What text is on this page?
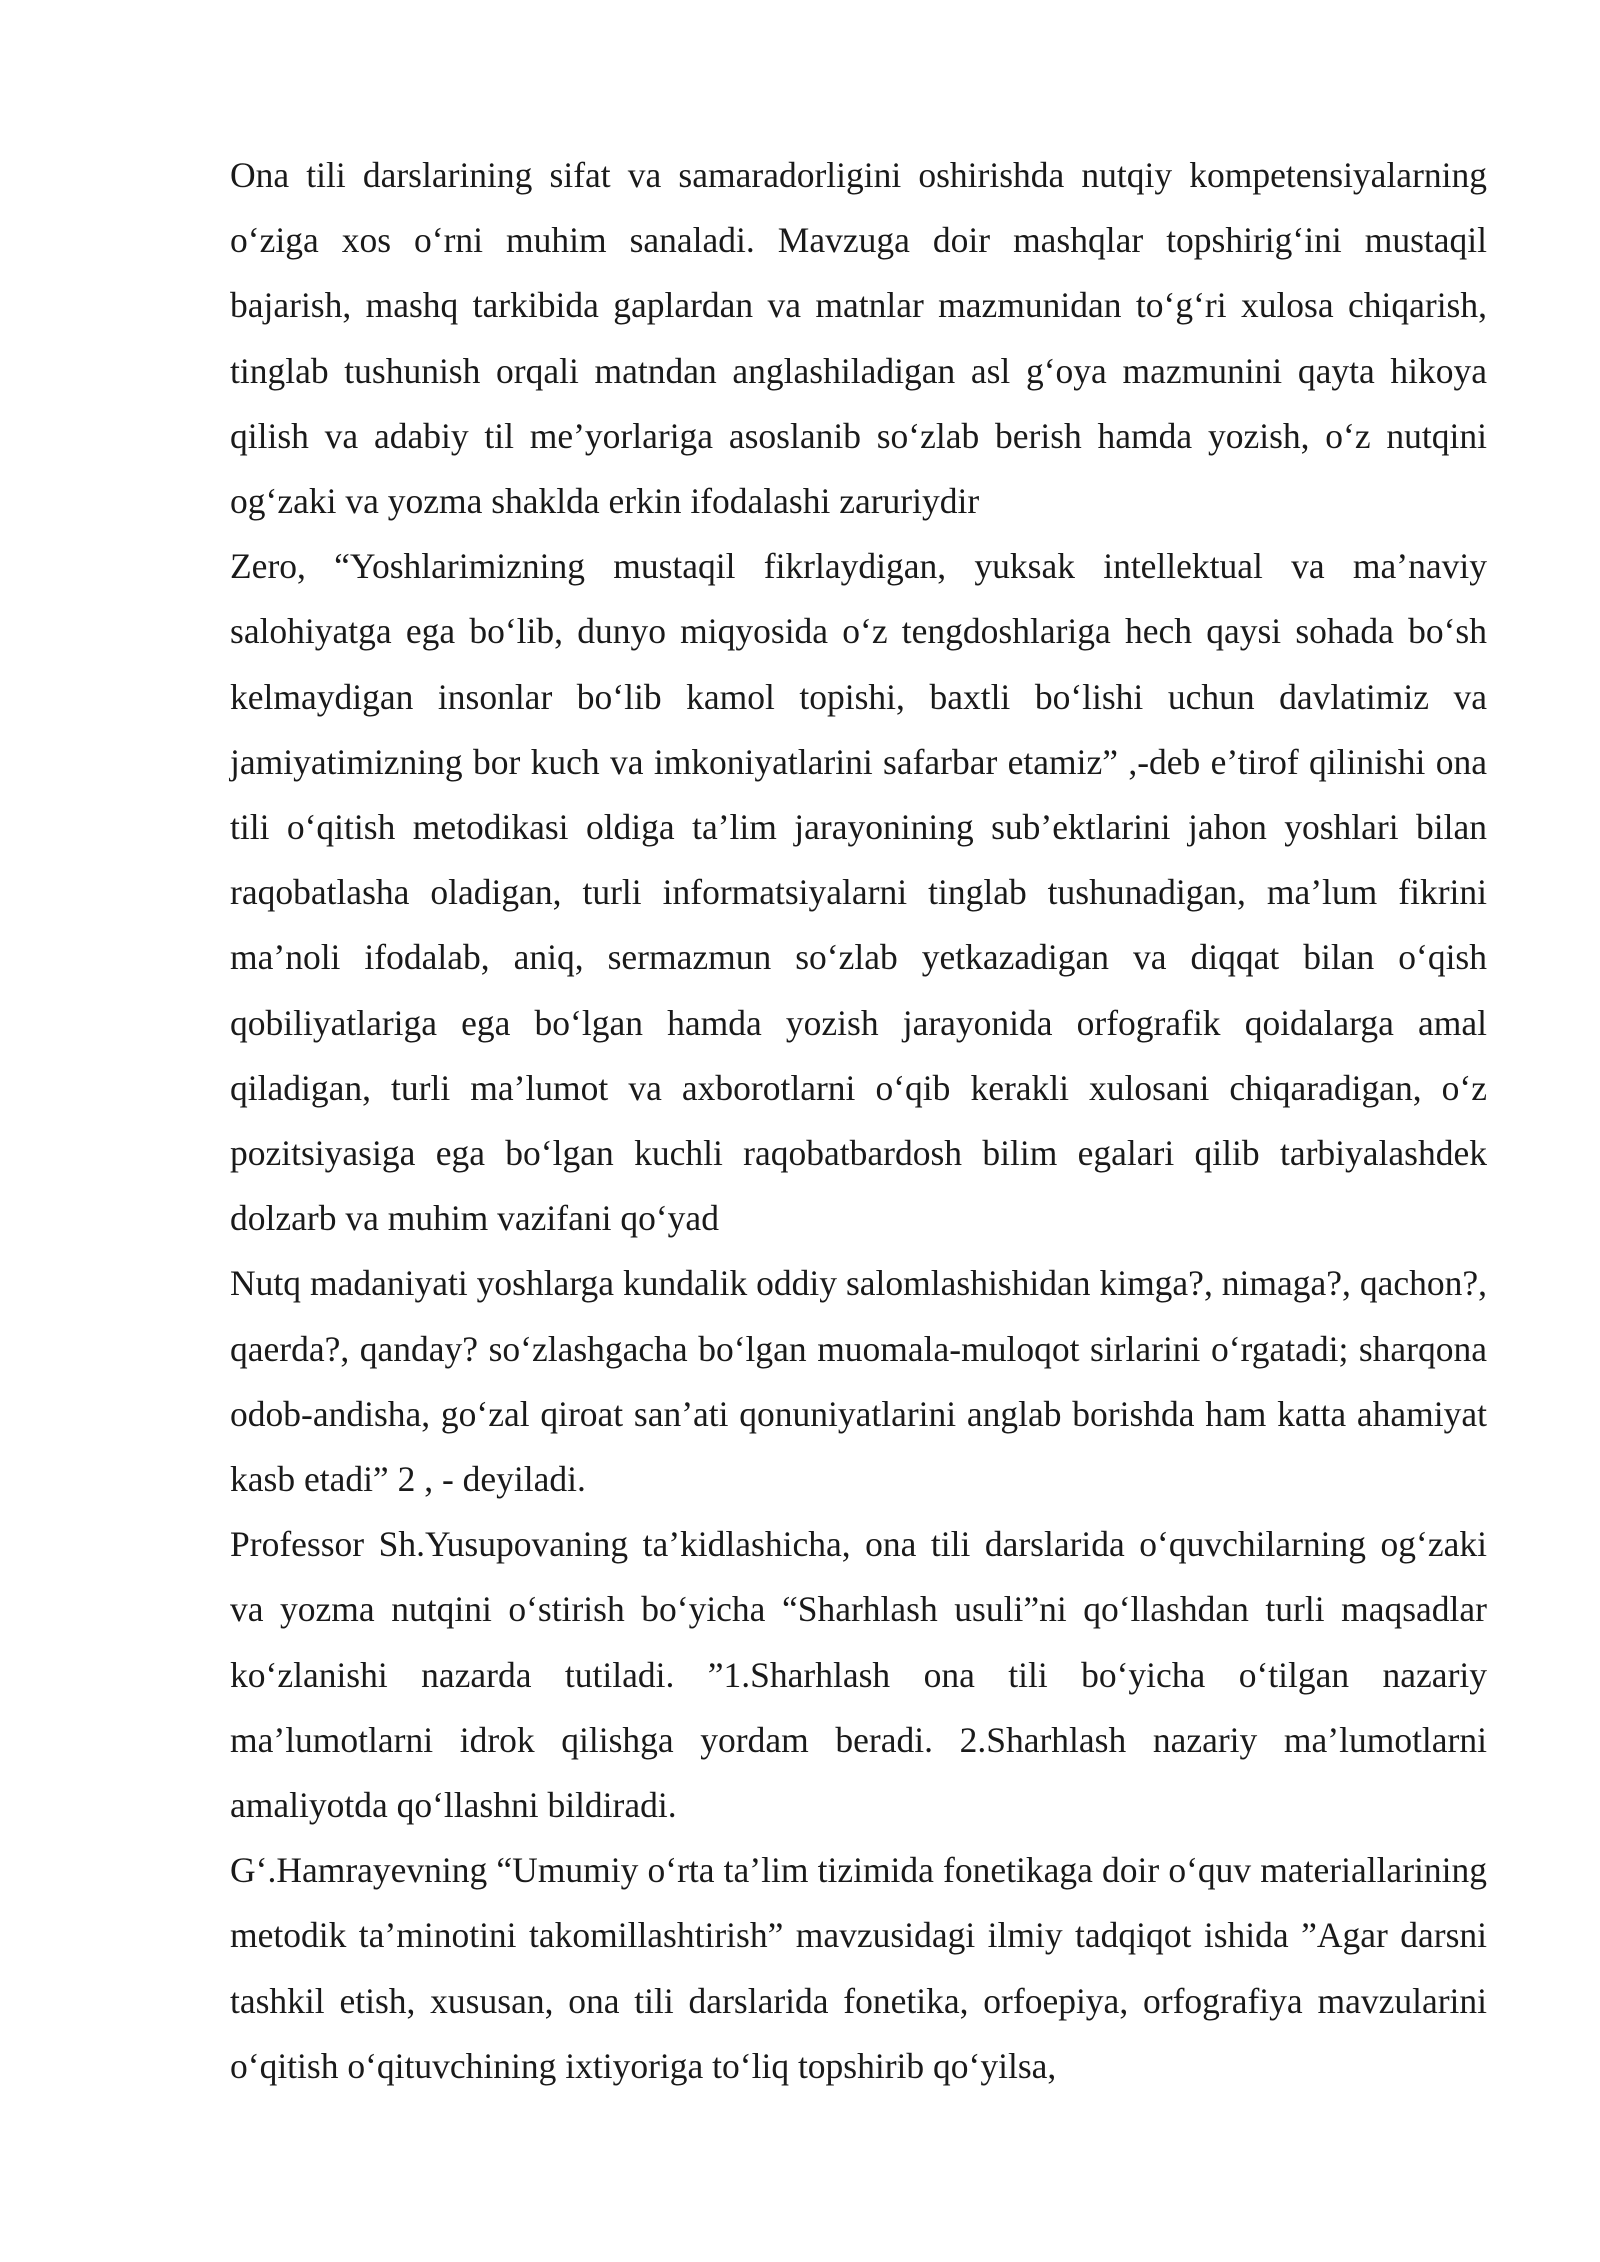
Ona tili darslarining sifat va samaradorligini oshirishda nutqiy kompetensiyalarning o‘ziga xos o‘rni muhim sanaladi. Mavzuga doir mashqlar topshirig‘ini mustaqil bajarish, mashq tarkibida gaplardan va matnlar mazmunidan to‘g‘ri xulosa chiqarish, tinglab tushunish orqali matndan anglashiladigan asl g‘oya mazmunini qayta hikoya qilish va adabiy til me’yorlariga asoslanib so‘zlab berish hamda yozish, o‘z nutqini og‘zaki va yozma shaklda erkin ifodalashi zaruriydir

Zero, “Yoshlarimizning mustaqil fikrlaydigan, yuksak intellektual va ma’naviy salohiyatga ega bo‘lib, dunyo miqyosida o‘z tengdoshlariga hech qaysi sohada bo‘sh kelmaydigan insonlar bo‘lib kamol topishi, baxtli bo‘lishi uchun davlatimiz va jamiyatimizning bor kuch va imkoniyatlarini safarbar etamiz” ,-deb e’tirof qilinishi ona tili o‘qitish metodikasi oldiga ta’lim jarayonining sub’ektlarini jahon yoshlari bilan raqobatlasha oladigan, turli informatsiyalarni tinglab tushunadigan, ma’lum fikrini ma’noli ifodalab, aniq, sermazmun so‘zlab yetkazadigan va diqqat bilan o‘qish qobiliyatlariga ega bo‘lgan hamda yozish jarayonida orfografik qoidalarga amal qiladigan, turli ma’lumot va axborotlarni o‘qib kerakli xulosani chiqaradigan, o‘z pozitsiyasiga ega bo‘lgan kuchli raqobatbardosh bilim egalari qilib tarbiyalashdek dolzarb va muhim vazifani qo‘yad

Nutq madaniyati yoshlarga kundalik oddiy salomlashishidan kimga?, nimaga?, qachon?, qaerda?, qanday? so‘zlashgacha bo‘lgan muomala-muloqot sirlarini o‘rgatadi; sharqona odob-andisha, go‘zal qiroat san’ati qonuniyatlarini anglab borishda ham katta ahamiyat kasb etadi” 2 , - deyiladi.

Professor Sh.Yusupovaning ta’kidlashicha, ona tili darslarida o‘quvchilarning og‘zaki va yozma nutqini o‘stirish bo‘yicha “Sharhlash usuli”ni qo‘llashdan turli maqsadlar ko‘zlanishi nazarda tutiladi. ”1.Sharhlash ona tili bo‘yicha o‘tilgan nazariy ma’lumotlarni idrok qilishga yordam beradi. 2.Sharhlash nazariy ma’lumotlarni amaliyotda qo‘llashni bildiradi.

G‘.Hamrayevning “Umumiy o‘rta ta’lim tizimida fonetikaga doir o‘quv materiallarining metodik ta’minotini takomillashtirish” mavzusidagi ilmiy tadqiqot ishida ”Agar darsni tashkil etish, xususan, ona tili darslarida fonetika, orfoepiya, orfografiya mavzularini o‘qitish o‘qituvchining ixtiyoriga to‘liq topshirib qo‘yilsa,
